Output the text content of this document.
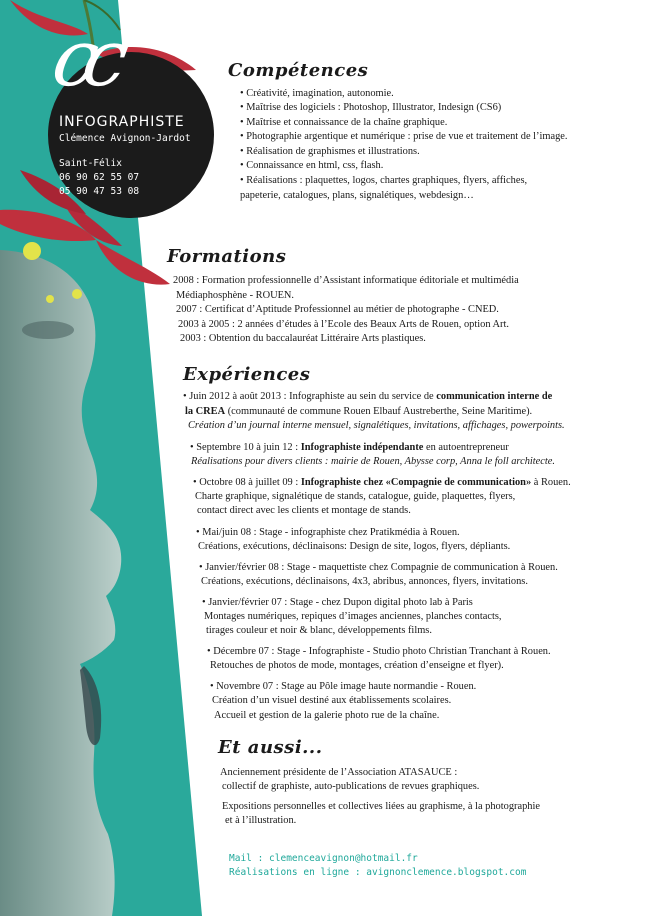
cc
INFOGRAPHISTE
Clémence Avignon-Jardot
Saint-Félix
06 90 62 55 07
05 90 47 53 08
Compétences
• Créativité, imagination, autonomie.
• Maîtrise des logiciels : Photoshop, Illustrator, Indesign (CS6)
• Maîtrise et connaissance de la chaîne graphique.
• Photographie argentique et numérique : prise de vue et traitement de l’image.
• Réalisation de graphismes et illustrations.
• Connaissance en html, css, flash.
• Réalisations : plaquettes, logos, chartes graphiques, flyers, affiches,
papeterie, catalogues, plans, signalétiques, webdesign…
Formations
2008 : Formation professionnelle d’Assistant informatique éditoriale et multimédia
Médiaphosphène - ROUEN.
2007 : Certificat d’Aptitude Professionnel au métier de photographe - CNED.
2003 à 2005 : 2 années d’études à l’Ecole des Beaux Arts de Rouen, option Art.
2003 : Obtention du baccalauréat Littéraire Arts plastiques.
Expériences
• Juin 2012 à août 2013 : Infographiste au sein du service de communication interne de
la CREA (communauté de commune Rouen Elbauf Austreberthe, Seine Maritime).
Création d’un journal interne mensuel, signalétiques, invitations, affichages, powerpoints.
• Septembre 10 à juin 12 : Infographiste indépendante en autoentrepreneur
Réalisations pour divers clients : mairie de Rouen, Abysse corp, Anna le foll architecte.
• Octobre 08 à juillet 09 : Infographiste chez «Compagnie de communication» à Rouen.
Charte graphique, signalétique de stands, catalogue, guide, plaquettes, flyers,
contact direct avec les clients et montage de stands.
• Mai/juin 08 : Stage - infographiste chez Pratikmédia à Rouen.
Créations, exécutions, déclinaisons: Design de site, logos, flyers, dépliants.
• Janvier/février 08 : Stage - maquettiste chez Compagnie de communication à Rouen.
Créations, exécutions, déclinaisons, 4x3, abribus, annonces, flyers, invitations.
• Janvier/février 07 : Stage - chez Dupon digital photo lab à Paris
Montages numériques, repiques d’images anciennes, planches contacts,
tirages couleur et noir & blanc, développements films.
• Décembre 07 : Stage - Infographiste - Studio photo Christian Tranchant à Rouen.
Retouches de photos de mode, montages, création d’enseigne et flyer).
• Novembre 07 : Stage au Pôle image haute normandie - Rouen.
Création d’un visuel destiné aux établissements scolaires.
Accueil et gestion de la galerie photo rue de la chaîne.
Et aussi...
Anciennement présidente de l’Association ATASAUCE :
collectif de graphiste, auto-publications de revues graphiques.
Expositions personnelles et collectives liées au graphisme, à la photographie
et à l’illustration.
Mail : clemenceavignon@hotmail.fr
Réalisations en ligne : avignonclemence.blogspot.com
